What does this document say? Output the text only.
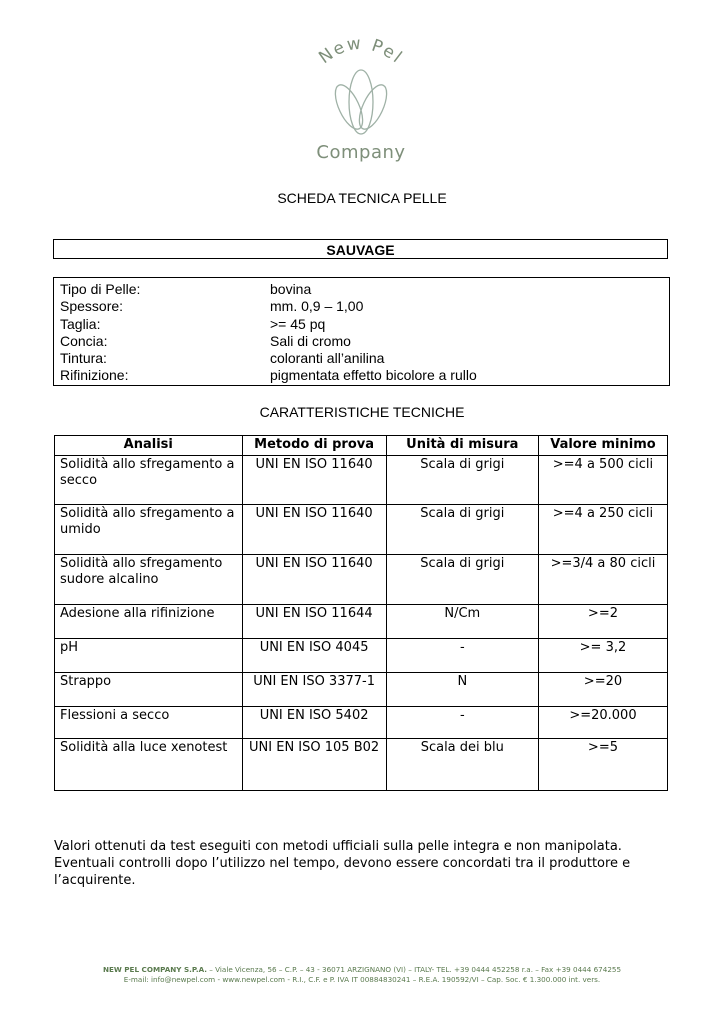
New Pel
Company
SCHEDA TECNICA PELLE
SAUVAGE
Tipo di Pelle:	bovina
Spessore:	mm. 0,9 – 1,00
Taglia:	>= 45 pq
Concia:	Sali di cromo
Tintura:	coloranti all’anilina
Rifinizione:	pigmentata effetto bicolore a rullo
CARATTERISTICHE TECNICHE
Analisi	Metodo di prova	Unità di misura	Valore minimo
Solidità allo sfregamento a secco	UNI EN ISO 11640	Scala di grigi	>=4 a 500 cicli
Solidità allo sfregamento a umido	UNI EN ISO 11640	Scala di grigi	>=4 a 250 cicli
Solidità allo sfregamento sudore alcalino	UNI EN ISO 11640	Scala di grigi	>=3/4 a 80 cicli
Adesione alla rifinizione	UNI EN ISO 11644	N/Cm	>=2
pH	UNI EN ISO 4045	-	>= 3,2
Strappo	UNI EN ISO 3377-1	N	>=20
Flessioni a secco	UNI EN ISO 5402	-	>=20.000
Solidità alla luce xenotest	UNI EN ISO 105 B02	Scala dei blu	>=5
Valori ottenuti da test eseguiti con metodi ufficiali sulla pelle integra e non manipolata. Eventuali controlli dopo l’utilizzo nel tempo, devono essere concordati tra il produttore e l’acquirente.
NEW PEL COMPANY S.P.A. – Viale Vicenza, 56 – C.P. – 43 - 36071 ARZIGNANO (VI) – ITALY- TEL. +39 0444 452258 r.a. – Fax +39 0444 674255
E-mail: info@newpel.com - www.newpel.com - R.I., C.F. e P. IVA IT 00884830241 – R.E.A. 190592/VI – Cap. Soc. € 1.300.000 int. vers.
